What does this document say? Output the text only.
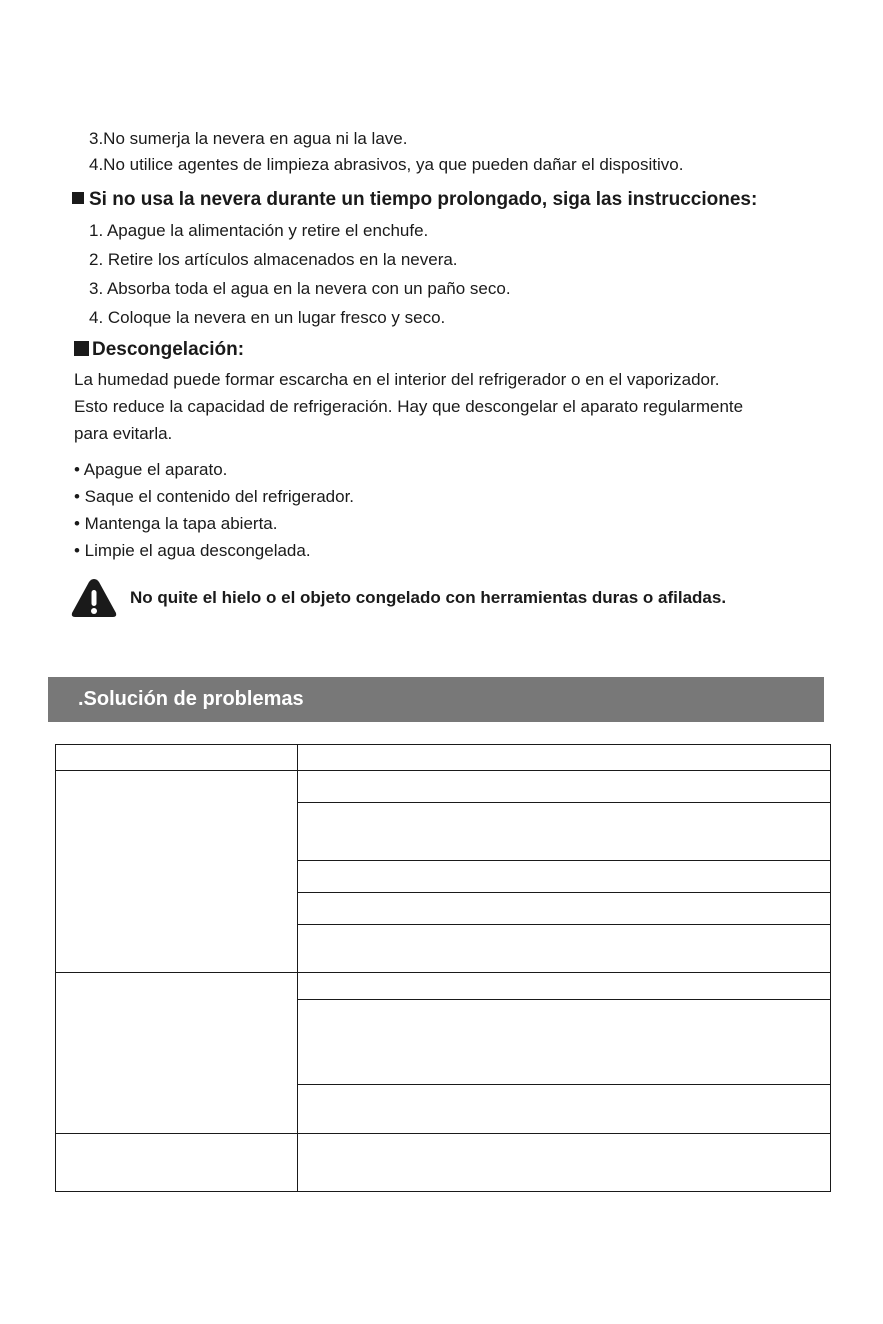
3.No sumerja la nevera en agua ni la lave.
4.No utilice agentes de limpieza abrasivos, ya que pueden dañar el dispositivo.
Si no usa la nevera durante un tiempo prolongado, siga las instrucciones:
1. Apague la alimentación y retire el enchufe.
2. Retire los artículos almacenados en la nevera.
3. Absorba toda el agua en la nevera con un paño seco.
4. Coloque la nevera en un lugar fresco y seco.
Descongelación:
La humedad puede formar escarcha en el interior del refrigerador o en el vaporizador.
Esto reduce la capacidad de refrigeración. Hay que descongelar el aparato regularmente
para evitarla.
• Apague el aparato.
• Saque el contenido del refrigerador.
• Mantenga la tapa abierta.
• Limpie el agua descongelada.
No quite el hielo o el objeto congelado con herramientas duras o afiladas.
.Solución de problemas
